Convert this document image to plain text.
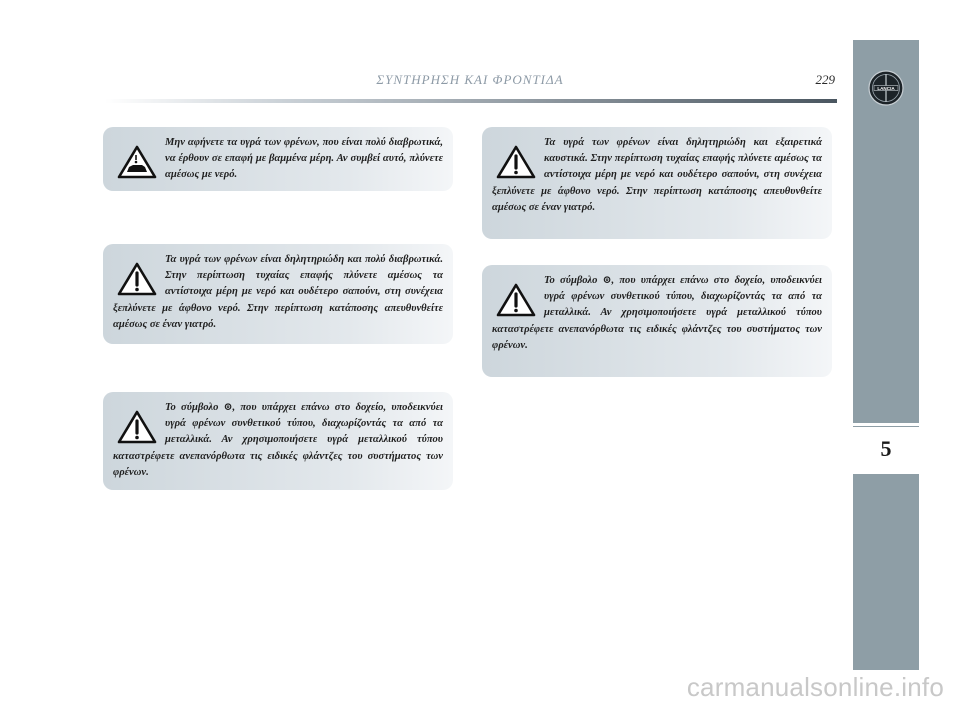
ΣΥΝΤΗΡΗΣΗ ΚΑΙ ΦΡΟΝΤΙΔΑ	229
LANCIA
5
Μην αφήνετε τα υγρά των φρένων, που είναι πολύ διαβρωτικά, να έρθουν σε επαφή με βαμμένα μέρη. Αν συμβεί αυτό, πλύνετε αμέσως με νερό.
Τα υγρά των φρένων είναι δηλητηριώδη και πολύ διαβρωτικά. Στην περίπτωση τυχαίας επαφής πλύνετε αμέσως τα αντίστοιχα μέρη με νερό και ουδέτερο σαπούνι, στη συνέχεια ξεπλύνετε με άφθονο νερό. Στην περίπτωση κατάποσης απευθυνθείτε αμέσως σε έναν γιατρό.
Το σύμβολο ⊚, που υπάρχει επάνω στο δοχείο, υποδεικνύει υγρά φρένων συνθετικού τύπου, διαχωρίζοντάς τα από τα μεταλλικά. Αν χρησιμοποιήσετε υγρά μεταλλικού τύπου καταστρέφετε ανεπανόρθωτα τις ειδικές φλάντζες του συστήματος των φρένων.
Τα υγρά των φρένων είναι δηλητηριώδη και εξαιρετικά καυστικά. Στην περίπτωση τυχαίας επαφής πλύνετε αμέσως τα αντίστοιχα μέρη με νερό και ουδέτερο σαπούνι, στη συνέχεια ξεπλύνετε με άφθονο νερό. Στην περίπτωση κατάποσης απευθυνθείτε αμέσως σε έναν γιατρό.
Το σύμβολο ⊚, που υπάρχει επάνω στο δοχείο, υποδεικνύει υγρά φρένων συνθετικού τύπου, διαχωρίζοντάς τα από τα μεταλλικά. Αν χρησιμοποιήσετε υγρά μεταλλικού τύπου καταστρέφετε ανεπανόρθωτα τις ειδικές φλάντζες του συστήματος των φρένων.
carmanualsonline.info
